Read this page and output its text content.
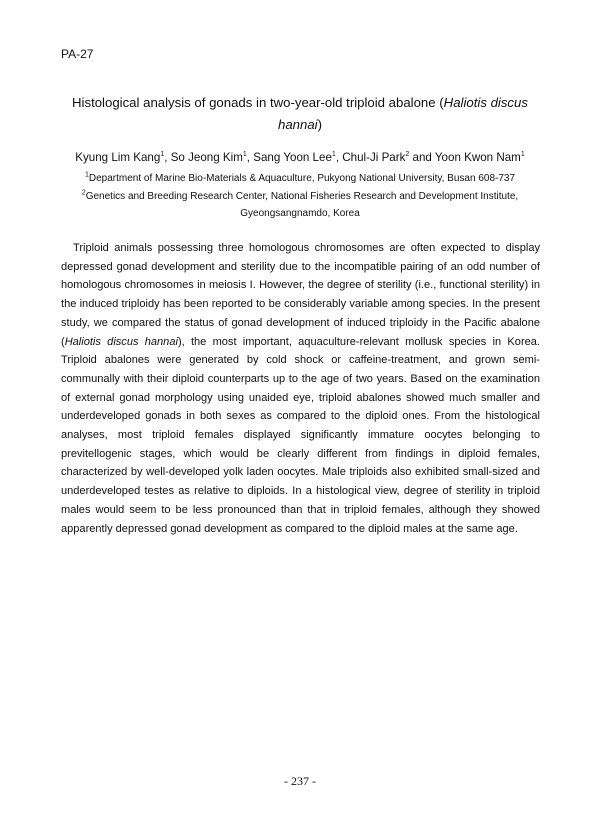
PA-27
Histological analysis of gonads in two-year-old triploid abalone (Haliotis discus hannai)
Kyung Lim Kang$^1$, So Jeong Kim$^1$, Sang Yoon Lee$^1$, Chul-Ji Park$^2$ and Yoon Kwon Nam$^1$
$^1$Department of Marine Bio-Materials & Aquaculture, Pukyong National University, Busan 608-737
$^2$Genetics and Breeding Research Center, National Fisheries Research and Development Institute, Gyeongsangnamdo, Korea

Triploid animals possessing three homologous chromosomes are often expected to display depressed gonad development and sterility due to the incompatible pairing of an odd number of homologous chromosomes in meiosis I. However, the degree of sterility (i.e., functional sterility) in the induced triploidy has been reported to be considerably variable among species. In the present study, we compared the status of gonad development of induced triploidy in the Pacific abalone (Haliotis discus hannai), the most important, aquaculture-relevant mollusk species in Korea. Triploid abalones were generated by cold shock or caffeine-treatment, and grown semi-communally with their diploid counterparts up to the age of two years. Based on the examination of external gonad morphology using unaided eye, triploid abalones showed much smaller and underdeveloped gonads in both sexes as compared to the diploid ones. From the histological analyses, most triploid females displayed significantly immature oocytes belonging to previtellogenic stages, which would be clearly different from findings in diploid females, characterized by well-developed yolk laden oocytes. Male triploids also exhibited small-sized and underdeveloped testes as relative to diploids. In a histological view, degree of sterility in triploid males would seem to be less pronounced than that in triploid females, although they showed apparently depressed gonad development as compared to the diploid males at the same age.

- 237 -
